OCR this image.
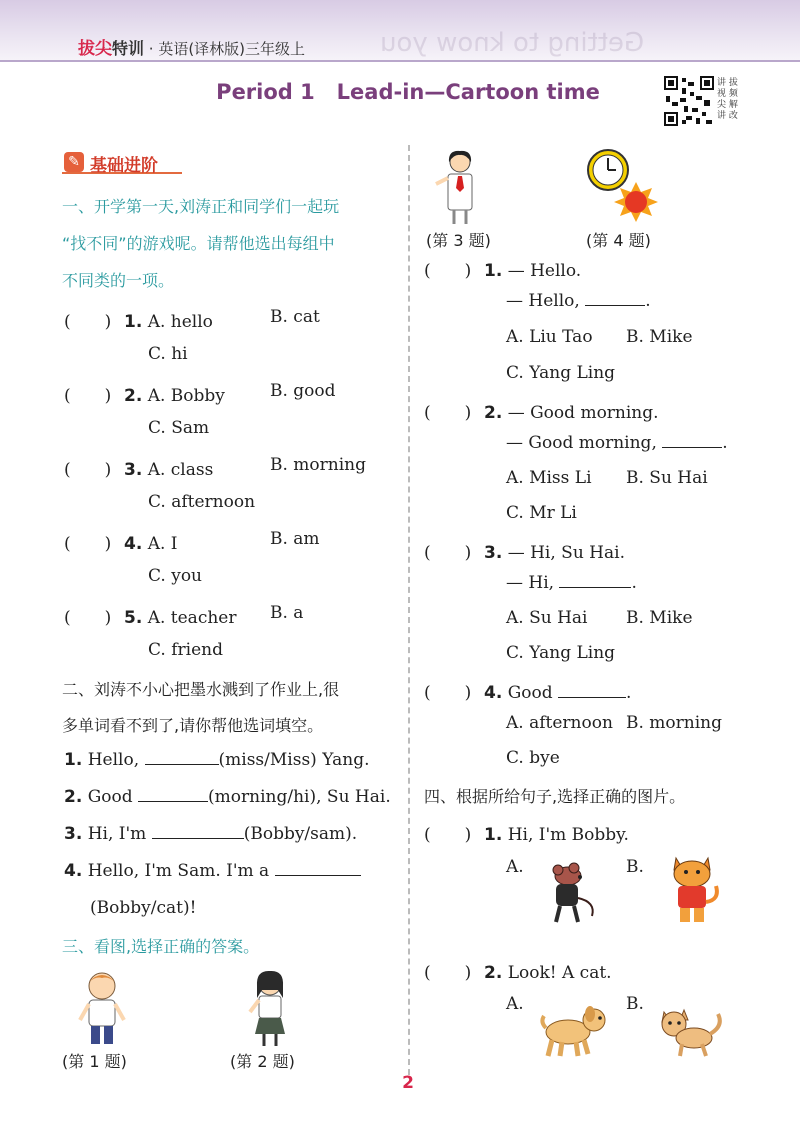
Getting to know you
拔尖特训 · 英语(译林版)三年级上
Period 1   Lead-in—Cartoon time	讲 拔 视 频 尖 解 讲 改
✎ 基础进阶
一、开学第一天,刘涛正和同学们一起玩
“找不同”的游戏呢。请帮他选出每组中
不同类的一项。
(　　) 1. A. hello	B. cat
C. hi
(　　) 2. A. Bobby	B. good
C. Sam
(　　) 3. A. class	B. morning
C. afternoon
(　　) 4. A. I	B. am
C. you
(　　) 5. A. teacher B. a
C. friend
二、刘涛不小心把墨水溅到了作业上,很
多单词看不到了,请你帮他选词填空。
1. Hello,	(miss/Miss) Yang.
2. Good	(morning/hi), Su Hai.
3. Hi, I'm	(Bobby/sam).
4. Hello, I'm Sam. I'm a
(Bobby/cat)!
三、看图,选择正确的答案。
(第 1 题)	(第 2 题)
(第 3 题)	(第 4 题)
(　　) 1. — Hello.
— Hello,	.
A. Liu Tao B. Mike
C. Yang Ling
(　　) 2. — Good morning.
— Good morning,	.
A. Miss Li B. Su Hai
C. Mr Li
(　　) 3. — Hi, Su Hai.
— Hi,	.
A. Su Hai B. Mike
C. Yang Ling
(　　) 4. Good	.
A. afternoon B. morning
C. bye
四、根据所给句子,选择正确的图片。
(　　) 1. Hi, I'm Bobby.
A.	B.
(　　) 2. Look! A cat.
A.	B.
2
